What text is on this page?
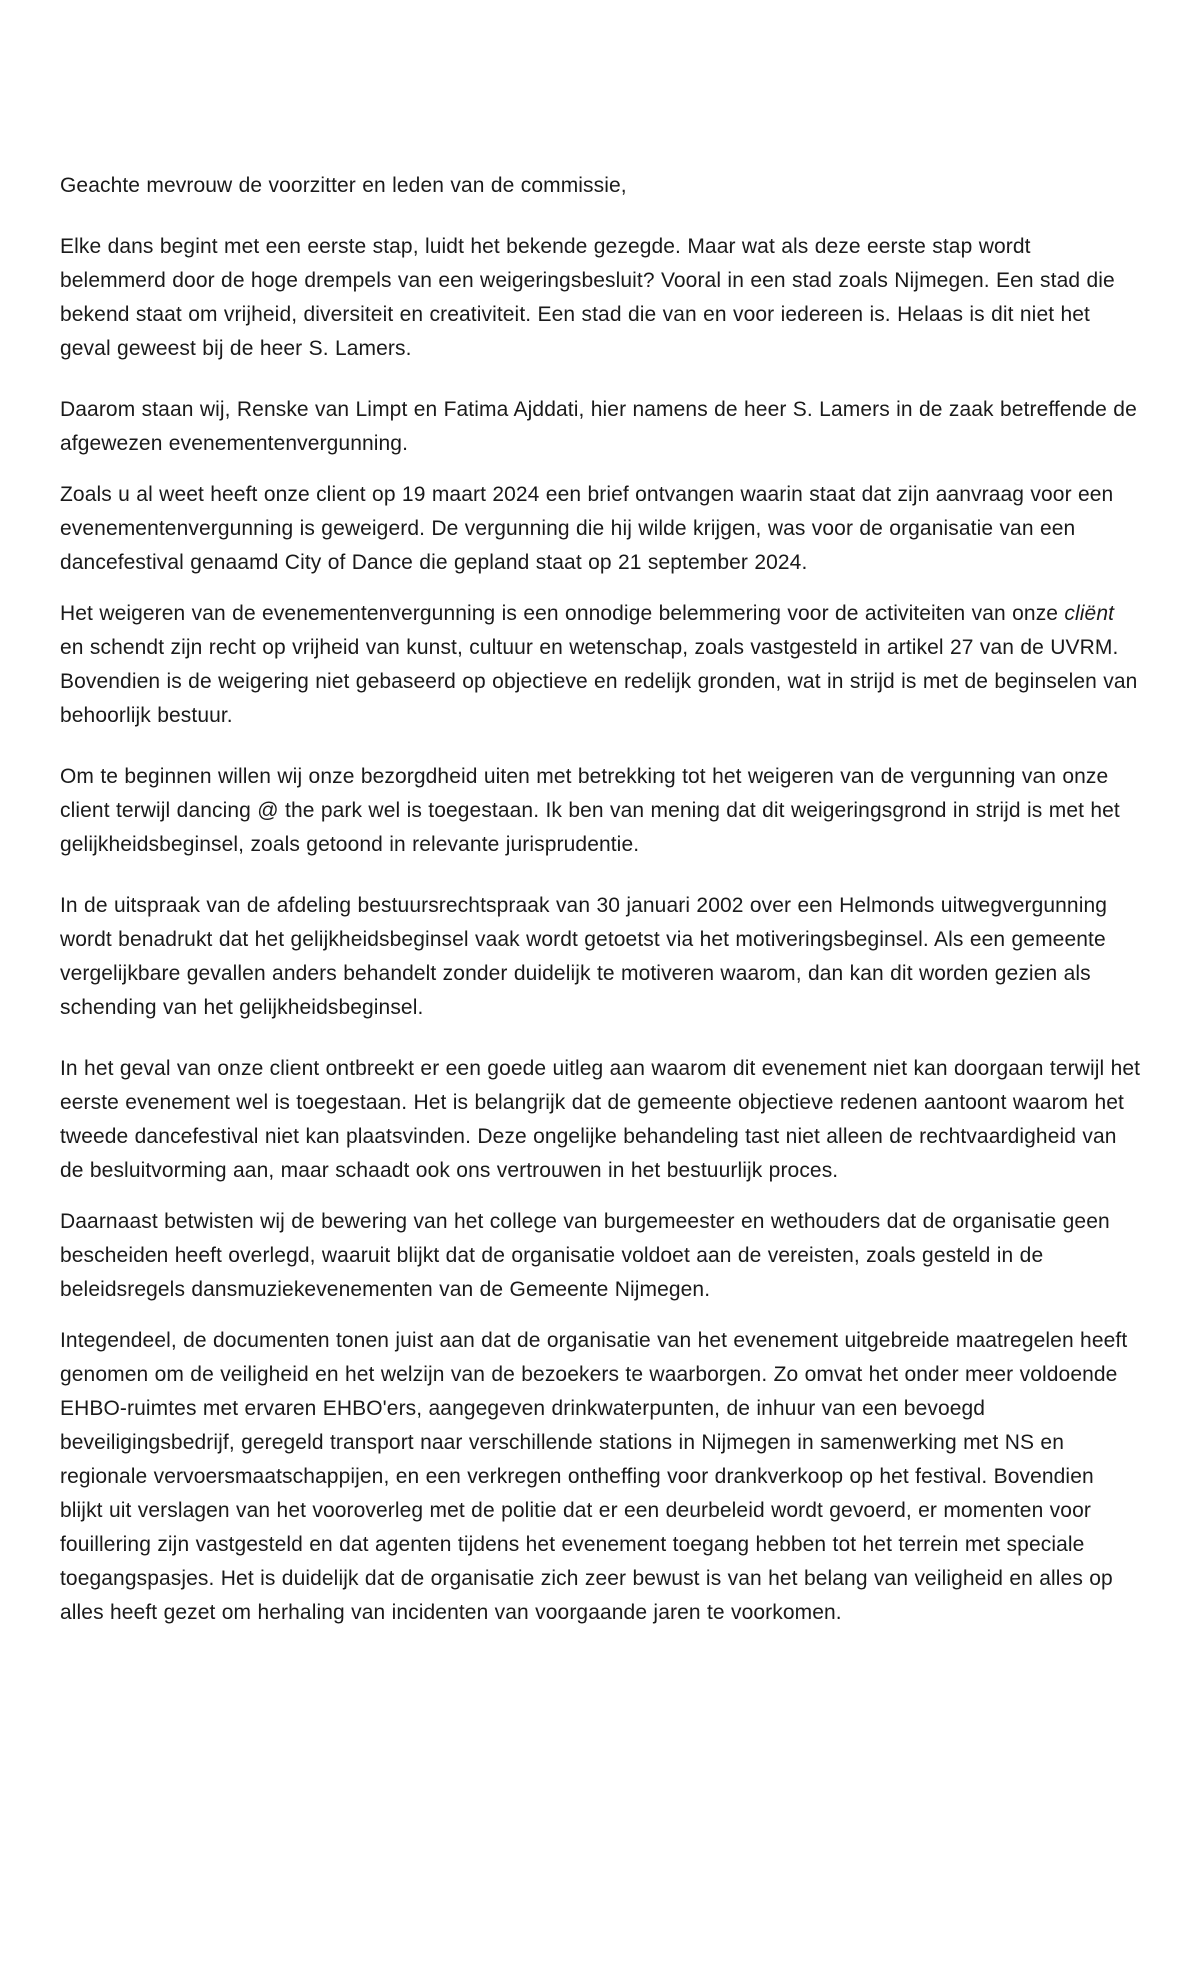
Geachte mevrouw de voorzitter en leden van de commissie,

Elke dans begint met een eerste stap, luidt het bekende gezegde. Maar wat als deze eerste stap wordt belemmerd door de hoge drempels van een weigeringsbesluit? Vooral in een stad zoals Nijmegen. Een stad die bekend staat om vrijheid, diversiteit en creativiteit. Een stad die van en voor iedereen is. Helaas is dit niet het geval geweest bij de heer S. Lamers.

Daarom staan wij, Renske van Limpt en Fatima Ajddati, hier namens de heer S. Lamers in de zaak betreffende de afgewezen evenementenvergunning.

Zoals u al weet heeft onze client op 19 maart 2024 een brief ontvangen waarin staat dat zijn aanvraag voor een evenementenvergunning is geweigerd. De vergunning die hij wilde krijgen, was voor de organisatie van een dancefestival genaamd City of Dance die gepland staat op 21 september 2024.

Het weigeren van de evenementenvergunning is een onnodige belemmering voor de activiteiten van onze cliënt en schendt zijn recht op vrijheid van kunst, cultuur en wetenschap, zoals vastgesteld in artikel 27 van de UVRM. Bovendien is de weigering niet gebaseerd op objectieve en redelijk gronden, wat in strijd is met de beginselen van behoorlijk bestuur.

Om te beginnen willen wij onze bezorgdheid uiten met betrekking tot het weigeren van de vergunning van onze client terwijl dancing @ the park wel is toegestaan. Ik ben van mening dat dit weigeringsgrond in strijd is met het gelijkheidsbeginsel, zoals getoond in relevante jurisprudentie.

In de uitspraak van de afdeling bestuursrechtspraak van 30 januari 2002 over een Helmonds uitwegvergunning wordt benadrukt dat het gelijkheidsbeginsel vaak wordt getoetst via het motiveringsbeginsel. Als een gemeente vergelijkbare gevallen anders behandelt zonder duidelijk te motiveren waarom, dan kan dit worden gezien als schending van het gelijkheidsbeginsel.

In het geval van onze client ontbreekt er een goede uitleg aan waarom dit evenement niet kan doorgaan terwijl het eerste evenement wel is toegestaan. Het is belangrijk dat de gemeente objectieve redenen aantoont waarom het tweede dancefestival niet kan plaatsvinden. Deze ongelijke behandeling tast niet alleen de rechtvaardigheid van de besluitvorming aan, maar schaadt ook ons vertrouwen in het bestuurlijk proces.

Daarnaast betwisten wij de bewering van het college van burgemeester en wethouders dat de organisatie geen bescheiden heeft overlegd, waaruit blijkt dat de organisatie voldoet aan de vereisten, zoals gesteld in de beleidsregels dansmuziekevenementen van de Gemeente Nijmegen.

Integendeel, de documenten tonen juist aan dat de organisatie van het evenement uitgebreide maatregelen heeft genomen om de veiligheid en het welzijn van de bezoekers te waarborgen. Zo omvat het onder meer voldoende EHBO-ruimtes met ervaren EHBO'ers, aangegeven drinkwaterpunten, de inhuur van een bevoegd beveiligingsbedrijf, geregeld transport naar verschillende stations in Nijmegen in samenwerking met NS en regionale vervoersmaatschappijen, en een verkregen ontheffing voor drankverkoop op het festival. Bovendien blijkt uit verslagen van het vooroverleg met de politie dat er een deurbeleid wordt gevoerd, er momenten voor fouillering zijn vastgesteld en dat agenten tijdens het evenement toegang hebben tot het terrein met speciale toegangspasjes. Het is duidelijk dat de organisatie zich zeer bewust is van het belang van veiligheid en alles op alles heeft gezet om herhaling van incidenten van voorgaande jaren te voorkomen.
